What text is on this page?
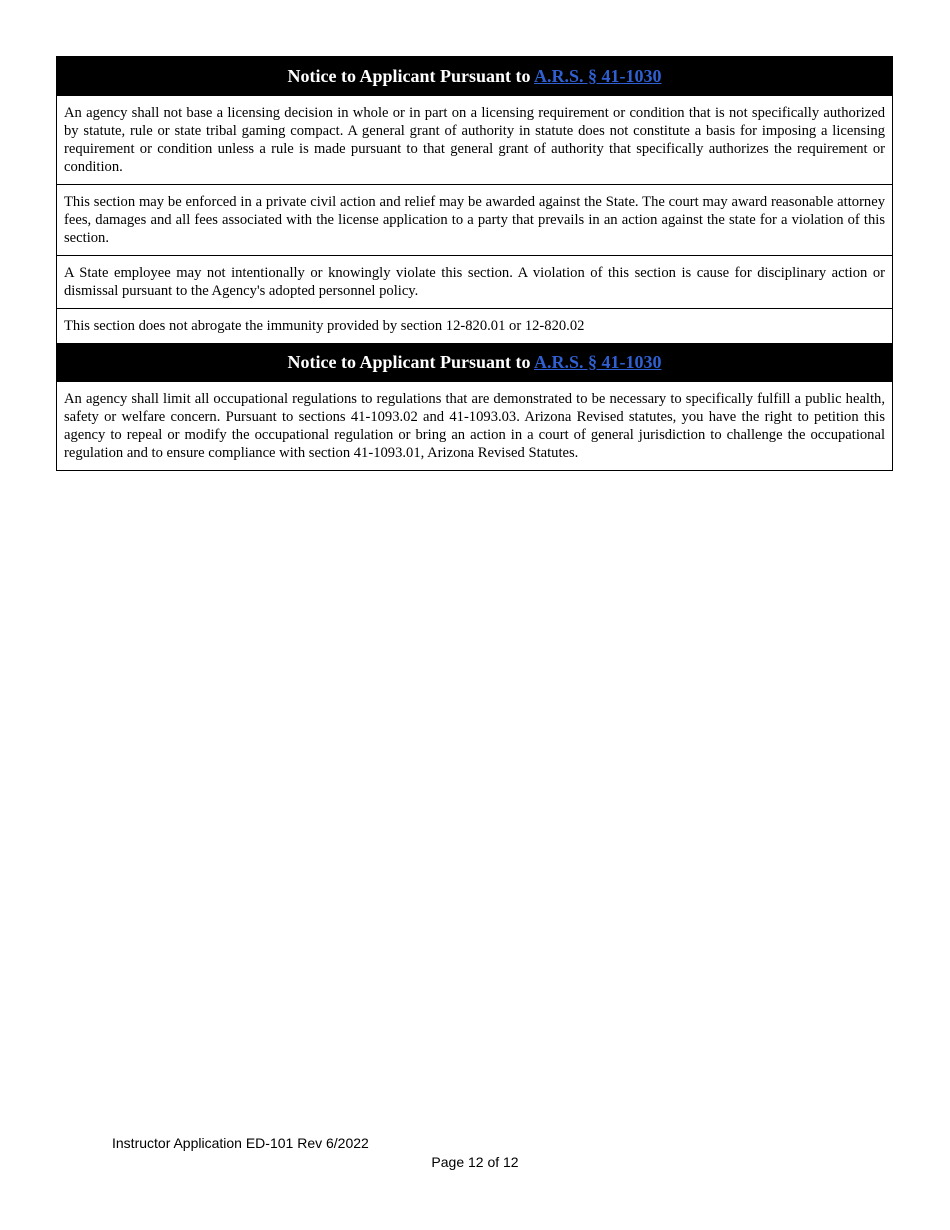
Notice to Applicant Pursuant to A.R.S. § 41-1030
An agency shall not base a licensing decision in whole or in part on a licensing requirement or condition that is not specifically authorized by statute, rule or state tribal gaming compact. A general grant of authority in statute does not constitute a basis for imposing a licensing requirement or condition unless a rule is made pursuant to that general grant of authority that specifically authorizes the requirement or condition.
This section may be enforced in a private civil action and relief may be awarded against the State. The court may award reasonable attorney fees, damages and all fees associated with the license application to a party that prevails in an action against the state for a violation of this section.
A State employee may not intentionally or knowingly violate this section. A violation of this section is cause for disciplinary action or dismissal pursuant to the Agency's adopted personnel policy.
This section does not abrogate the immunity provided by section 12-820.01 or 12-820.02
Notice to Applicant Pursuant to A.R.S. § 41-1030
An agency shall limit all occupational regulations to regulations that are demonstrated to be necessary to specifically fulfill a public health, safety or welfare concern. Pursuant to sections 41-1093.02 and 41-1093.03. Arizona Revised statutes, you have the right to petition this agency to repeal or modify the occupational regulation or bring an action in a court of general jurisdiction to challenge the occupational regulation and to ensure compliance with section 41-1093.01, Arizona Revised Statutes.
Instructor Application ED-101 Rev 6/2022
Page 12 of 12
